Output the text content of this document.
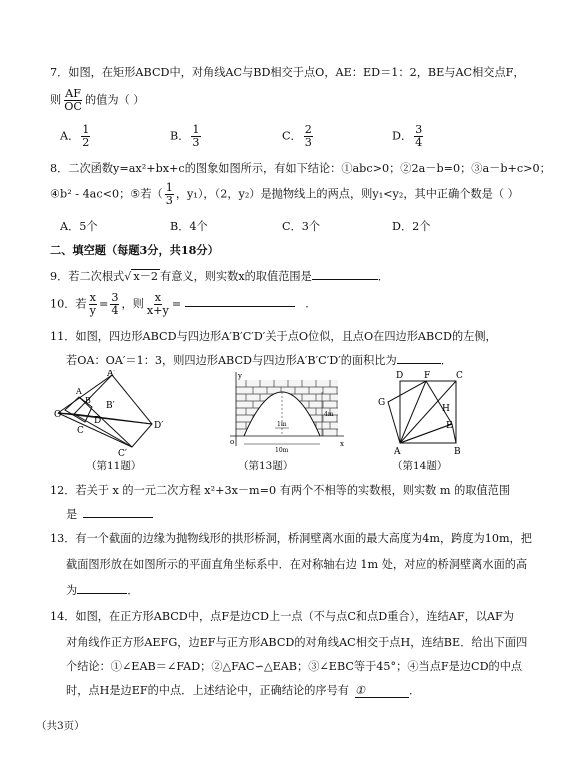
7．如图，在矩形ABCD中，对角线AC与BD相交于点O，AE：ED＝1：2，BE与AC相交点F，
则 $\frac{AF}{OC}$ 的值为（ ）
A． $\frac{1}{2}$	B． $\frac{1}{3}$	C． $\frac{2}{3}$	D． $\frac{3}{4}$
8．二次函数y=ax²+bx+c的图象如图所示，有如下结论：①abc>0；②2a－b=0；③a－b+c>0；
④b² - 4ac<0；⑤若（ $\frac{1}{3}$ ，y₁），（2，y₂）是抛物线上的两点，则y₁<y₂，其中正确个数是（ ）
A．5个	B．4个	C．3个	D．2个
二、填空题（每题3分，共18分）
9．若二次根式√ x－2 有意义，则实数x的取值范围是	．
10．若 $\frac{x}{y} = \frac{3}{4}$ ，则 $\frac{x}{x+y}$ =	．
11．如图，四边形ABCD与四边形A′B′C′D′关于点O位似，且点O在四边形ABCD的左侧，
若OA：OA′＝1：3，则四边形ABCD与四边形A′B′C′D′的面积比为	．
O
A′
A
B
B′
C
D	D′
C′
（第11题）
y
x
o
1m
4m
10m
（第13题）
D F	C
G
H
E
A	B
（第14题）
12．若关于 x 的一元二次方程 x²+3x－m=0 有两个不相等的实数根，则实数 m 的取值范围
是
13．有一个截面的边缘为抛物线形的拱形桥洞，桥洞壁离水面的最大高度为4m，跨度为10m，把
截面图形放在如图所示的平面直角坐标系中．在对称轴右边 1m 处，对应的桥洞壁离水面的高
为	．
14．如图，在正方形ABCD中，点F是边CD上一点（不与点C和点D重合），连结AF，以AF为
对角线作正方形AEFG，边EF与正方形ABCD的对角线AC相交于点H，连结BE．给出下面四
个结论：①∠EAB＝∠FAD；②△FAC∽△EAB；③∠EBC等于45°；④当点F是边CD的中点
时，点H是边EF的中点．上述结论中，正确结论的序号有 ①	．
（共3页）
